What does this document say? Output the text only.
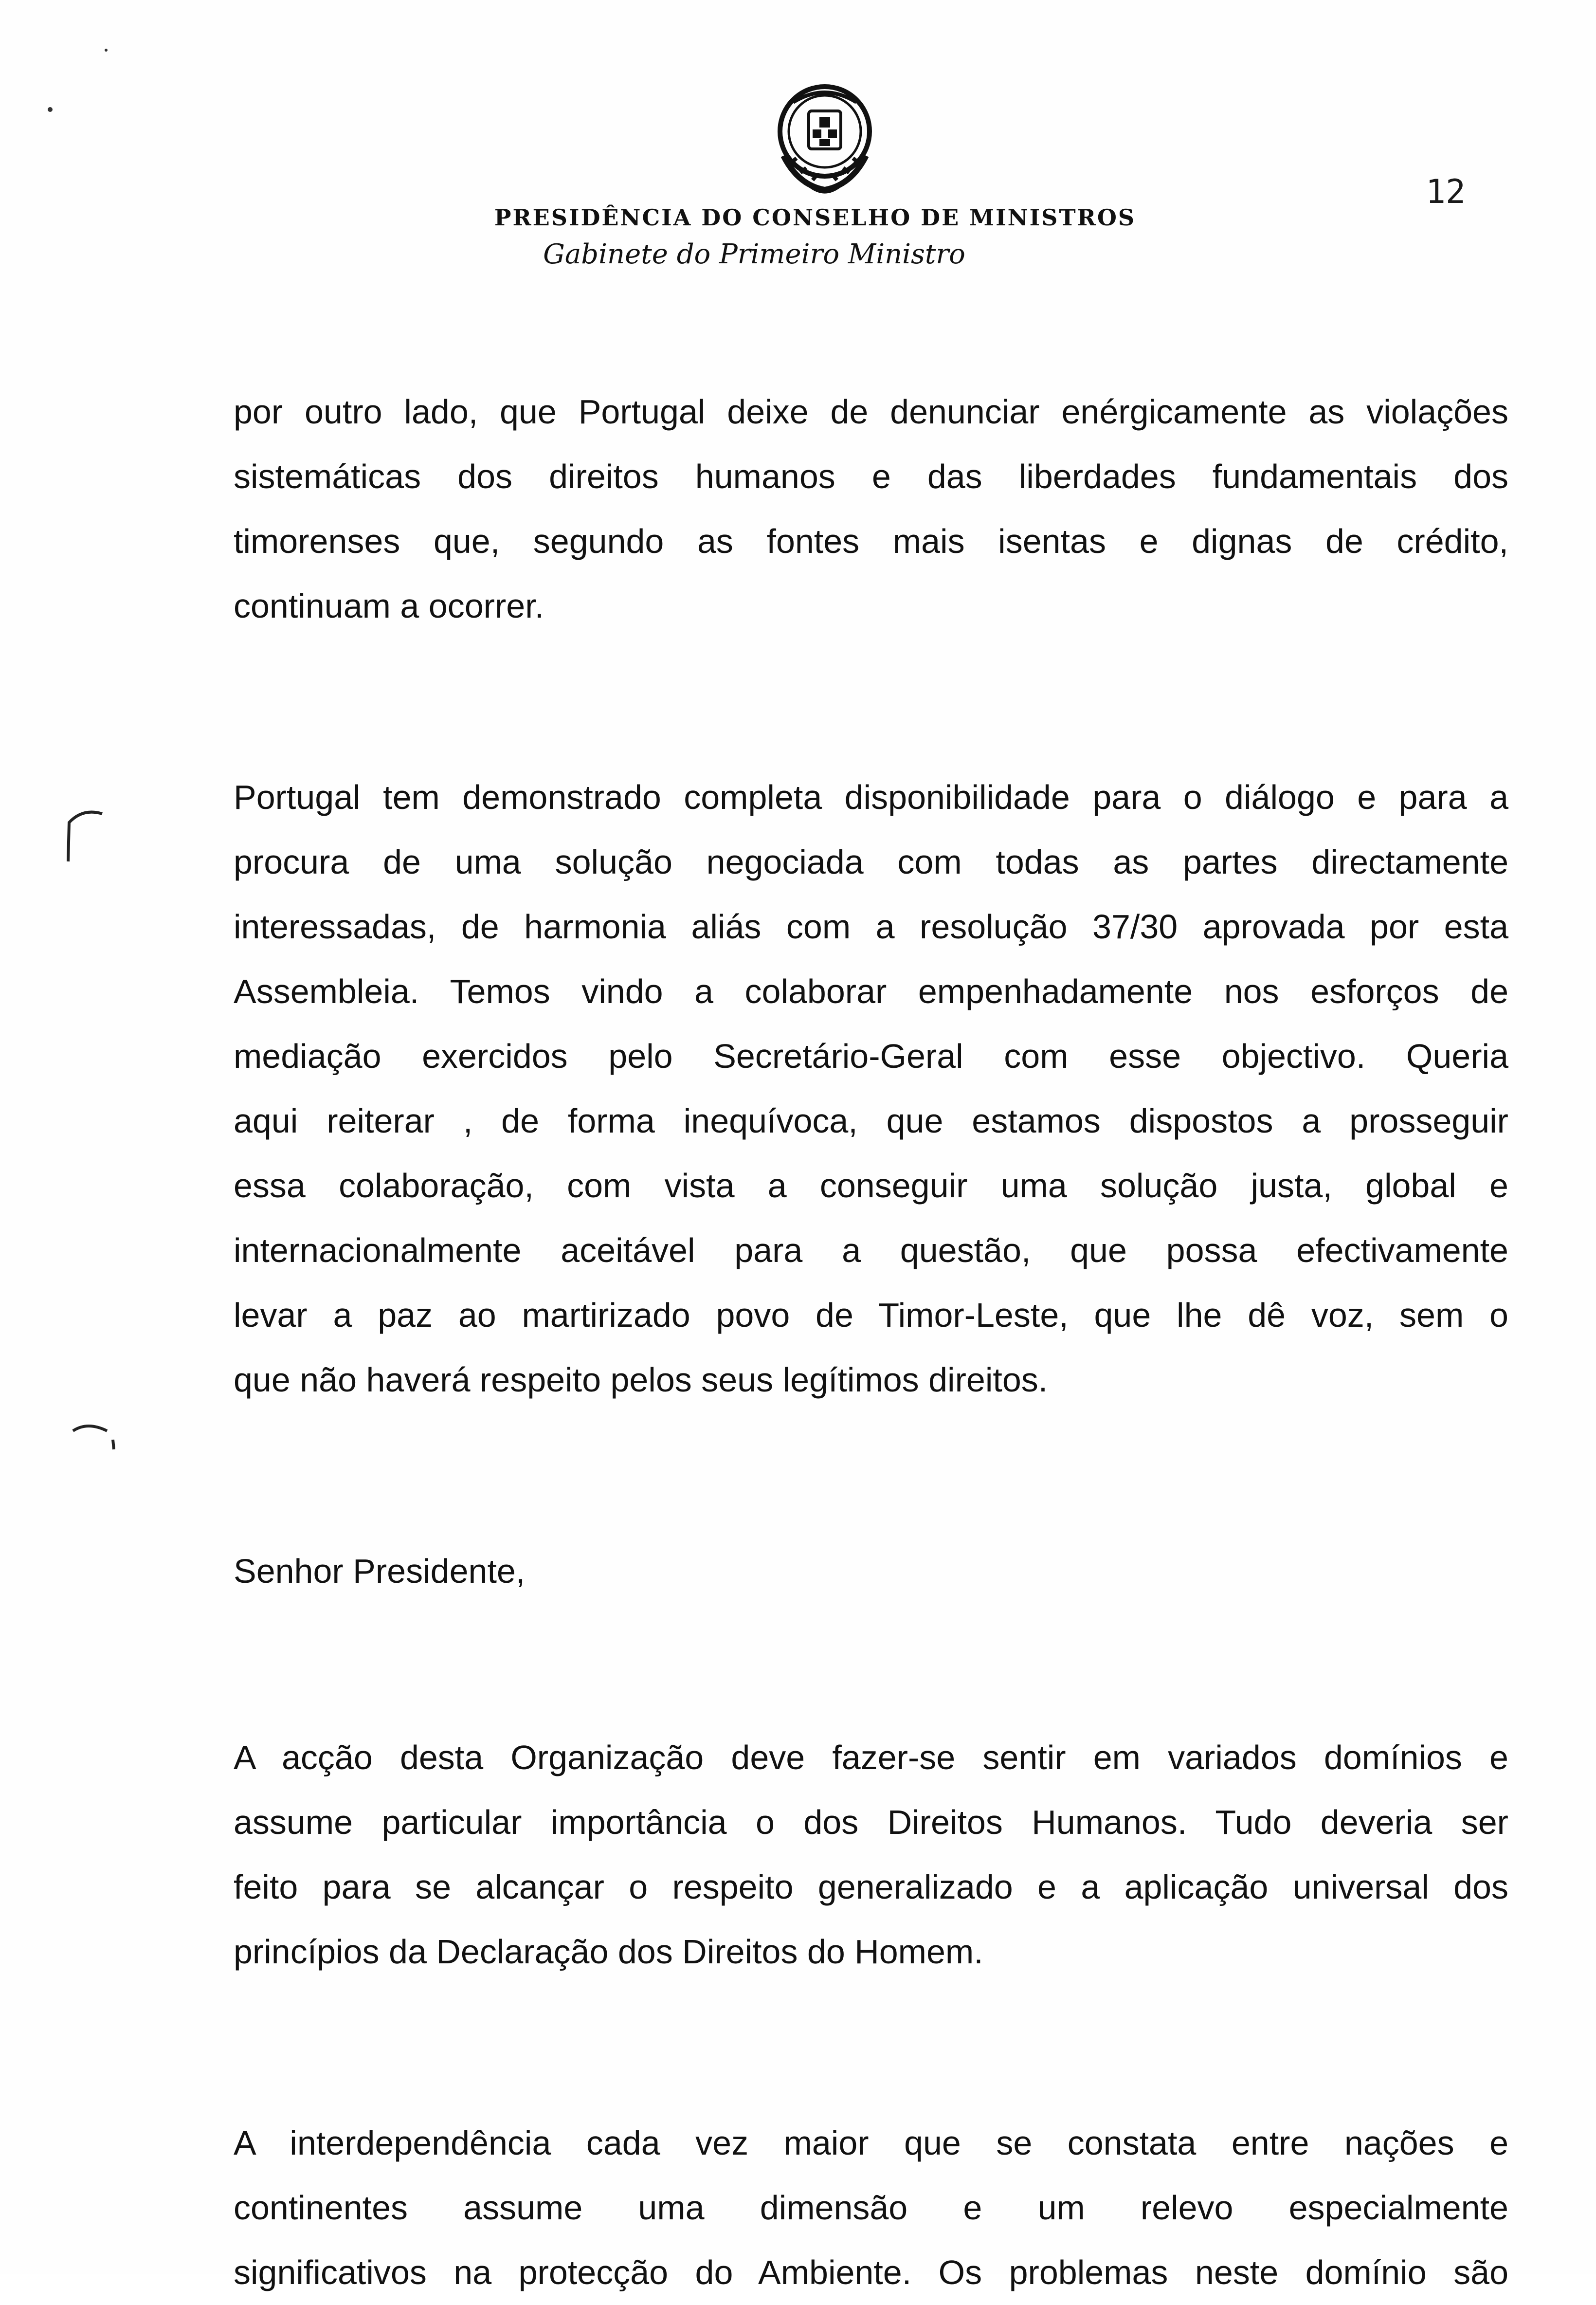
12
PRESIDÊNCIA DO CONSELHO DE MINISTROS
Gabinete do Primeiro Ministro
por outro lado, que Portugal deixe de denunciar enérgicamente as violações
sistemáticas dos direitos humanos e das liberdades fundamentais dos
timorenses que, segundo as fontes mais isentas e dignas de crédito,
continuam a ocorrer.
Portugal tem demonstrado completa disponibilidade para o diálogo e para a
procura de uma solução negociada com todas as partes directamente
interessadas, de harmonia aliás com a resolução 37/30 aprovada por esta
Assembleia. Temos vindo a colaborar empenhadamente nos esforços de
mediação exercidos pelo Secretário-Geral com esse objectivo. Queria
aqui reiterar , de forma inequívoca, que estamos dispostos a prosseguir
essa colaboração, com vista a conseguir uma solução justa, global e
internacionalmente aceitável para a questão, que possa efectivamente
levar a paz ao martirizado povo de Timor-Leste, que lhe dê voz, sem o
que não haverá respeito pelos seus legítimos direitos.
Senhor Presidente,
A acção desta Organização deve fazer-se sentir em variados domínios e
assume particular importância o dos Direitos Humanos. Tudo deveria ser
feito para se alcançar o respeito generalizado e a aplicação universal dos
princípios da Declaração dos Direitos do Homem.
A interdependência cada vez maior que se constata entre nações e
continentes assume uma dimensão e um relevo especialmente
significativos na protecção do Ambiente. Os problemas neste domínio são
